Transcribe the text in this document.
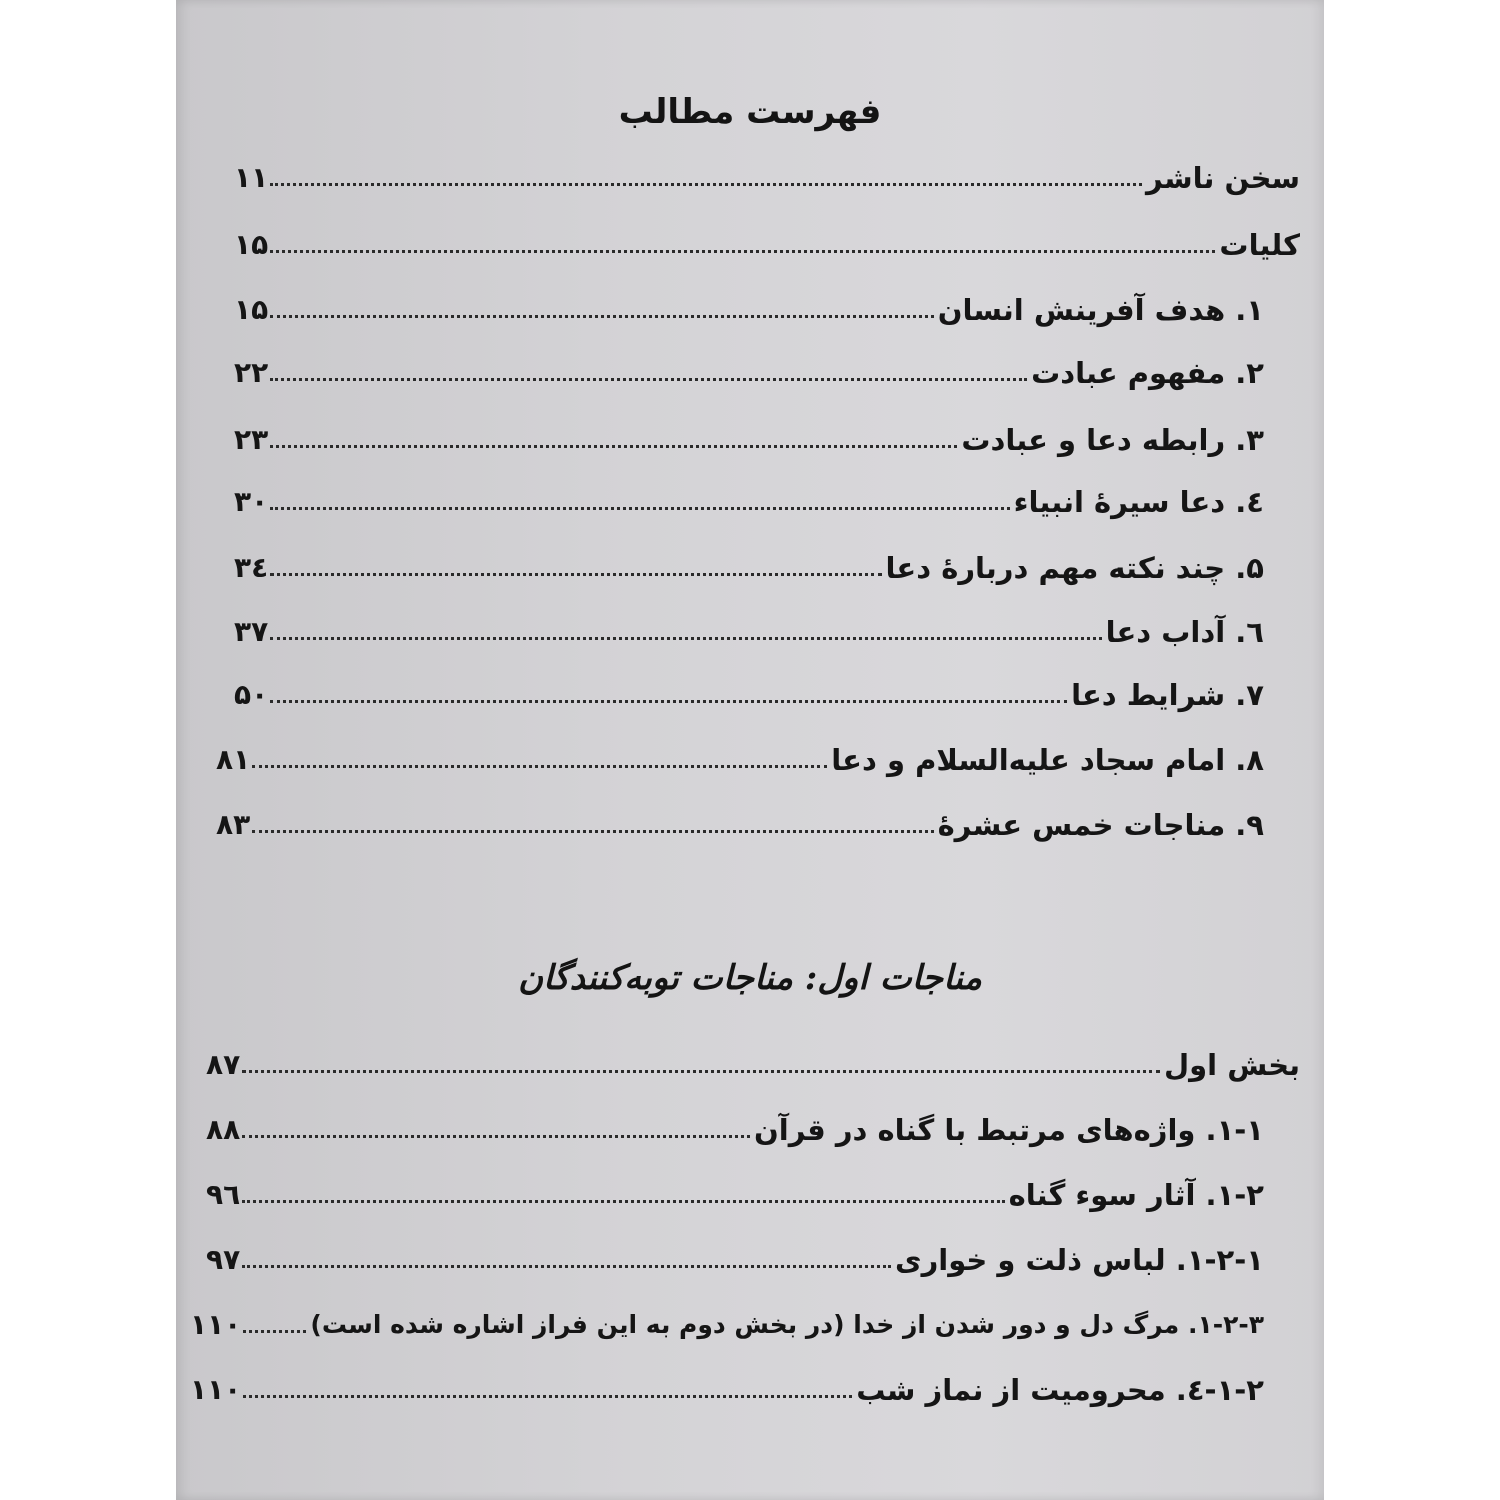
فهرست مطالب
سخن ناشر
۱۱
کلیات
۱۵
۱. هدف آفرینش انسان
۱۵
۲. مفهوم عبادت
۲۲
۳. رابطه دعا و عبادت
۲۳
٤. دعا سیرهٔ انبیاء
۳۰
۵. چند نکته مهم دربارهٔ دعا
۳٤
٦. آداب دعا
۳۷
۷. شرایط دعا
۵۰
۸. امام سجاد علیه‌السلام و دعا
۸۱
۹. مناجات خمس عشرهٔ
۸۳
مناجات اول: مناجات توبه‌کنندگان
بخش اول
۸۷
۱-۱. واژه‌های مرتبط با گناه در قرآن
۸۸
۱-۲. آثار سوء گناه
۹٦
۱-۲-۱. لباس ذلت و خواری
۹۷
۱-۲-۳. مرگ دل و دور شدن از خدا (در بخش دوم به این فراز اشاره شده است)
۱۱۰
۱-۲-٤. محرومیت از نماز شب
۱۱۰
